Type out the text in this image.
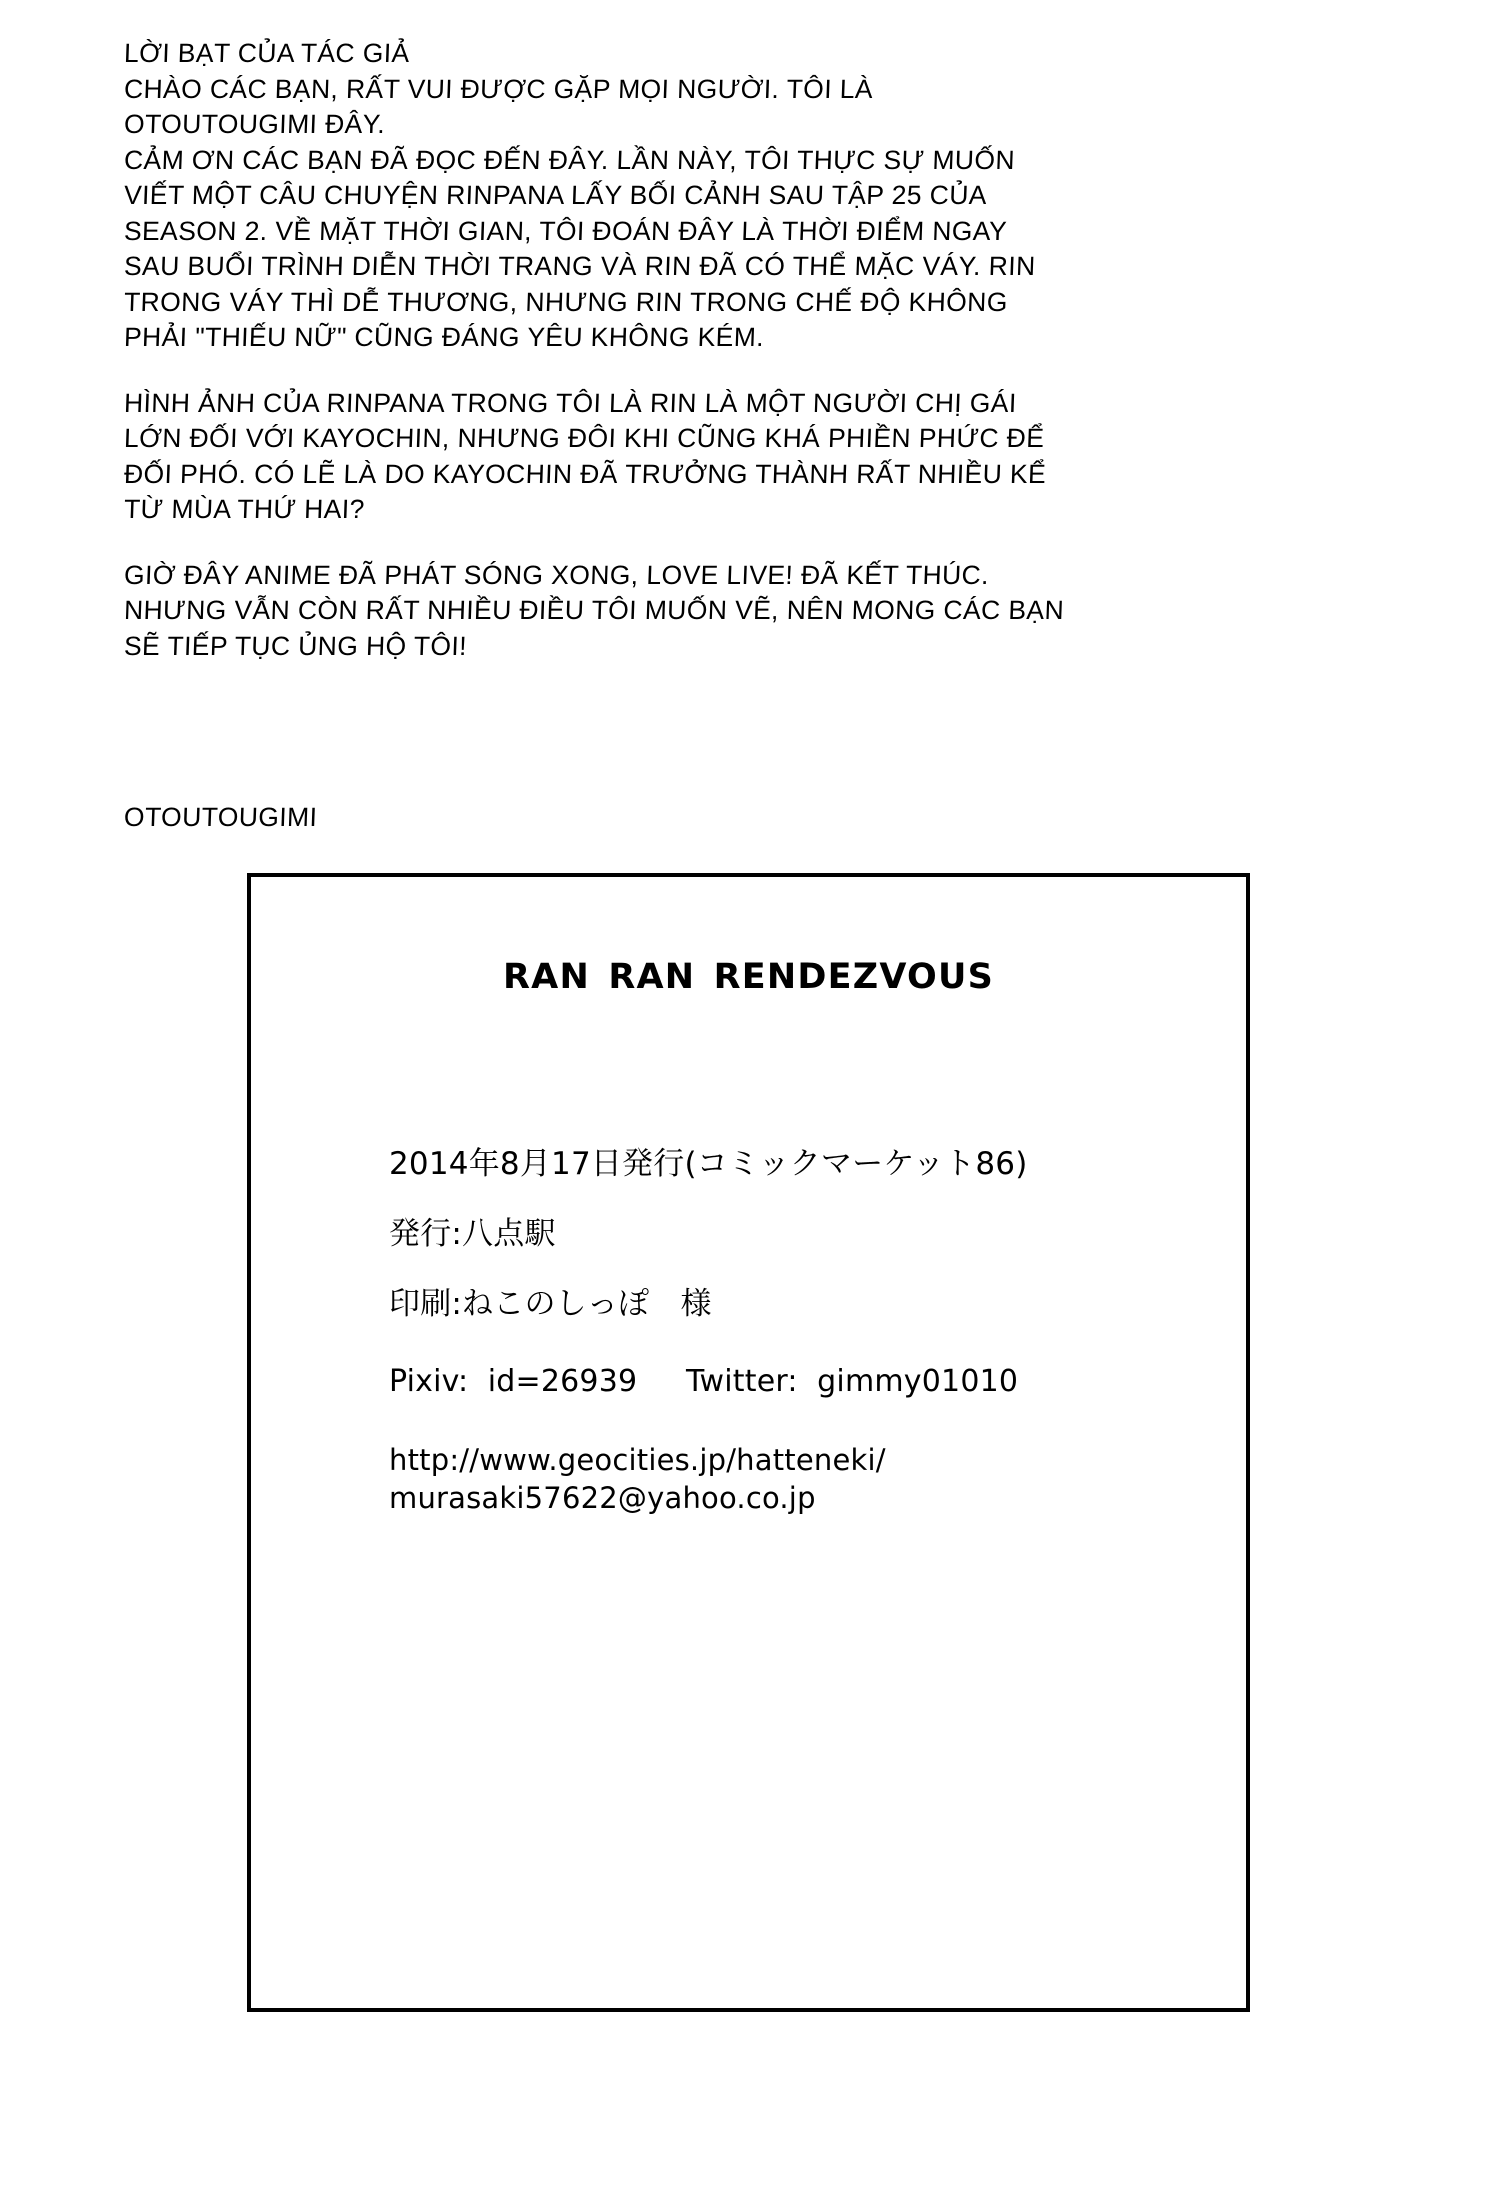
LỜI BẠT CỦA TÁC GIẢ
CHÀO CÁC BẠN, RẤT VUI ĐƯỢC GẶP MỌI NGƯỜI. TÔI LÀ
OTOUTOUGIMI ĐÂY.
CẢM ƠN CÁC BẠN ĐÃ ĐỌC ĐẾN ĐÂY. LẦN NÀY, TÔI THỰC SỰ MUỐN
VIẾT MỘT CÂU CHUYỆN RINPANA LẤY BỐI CẢNH SAU TẬP 25 CỦA
SEASON 2. VỀ MẶT THỜI GIAN, TÔI ĐOÁN ĐÂY LÀ THỜI ĐIỂM NGAY
SAU BUỔI TRÌNH DIỄN THỜI TRANG VÀ RIN ĐÃ CÓ THỂ MẶC VÁY. RIN
TRONG VÁY THÌ DỄ THƯƠNG, NHƯNG RIN TRONG CHẾ ĐỘ KHÔNG
PHẢI "THIẾU NỮ" CŨNG ĐÁNG YÊU KHÔNG KÉM.
HÌNH ẢNH CỦA RINPANA TRONG TÔI LÀ RIN LÀ MỘT NGƯỜI CHỊ GÁI
LỚN ĐỐI VỚI KAYOCHIN, NHƯNG ĐÔI KHI CŨNG KHÁ PHIỀN PHỨC ĐỂ
ĐỐI PHÓ. CÓ LẼ LÀ DO KAYOCHIN ĐÃ TRƯỞNG THÀNH RẤT NHIỀU KỂ
TỪ MÙA THỨ HAI?
GIỜ ĐÂY ANIME ĐÃ PHÁT SÓNG XONG, LOVE LIVE! ĐÃ KẾT THÚC.
NHƯNG VẪN CÒN RẤT NHIỀU ĐIỀU TÔI MUỐN VẼ, NÊN MONG CÁC BẠN
SẼ TIẾP TỤC ỦNG HỘ TÔI!
OTOUTOUGIMI
RAN RAN RENDEZVOUS
2014年8月17日発行(コミックマーケット86)
発行:八点駅
印刷:ねこのしっぽ　様
Pixiv:  id=26939     Twitter:  gimmy01010
http://www.geocities.jp/hatteneki/
murasaki57622@yahoo.co.jp
